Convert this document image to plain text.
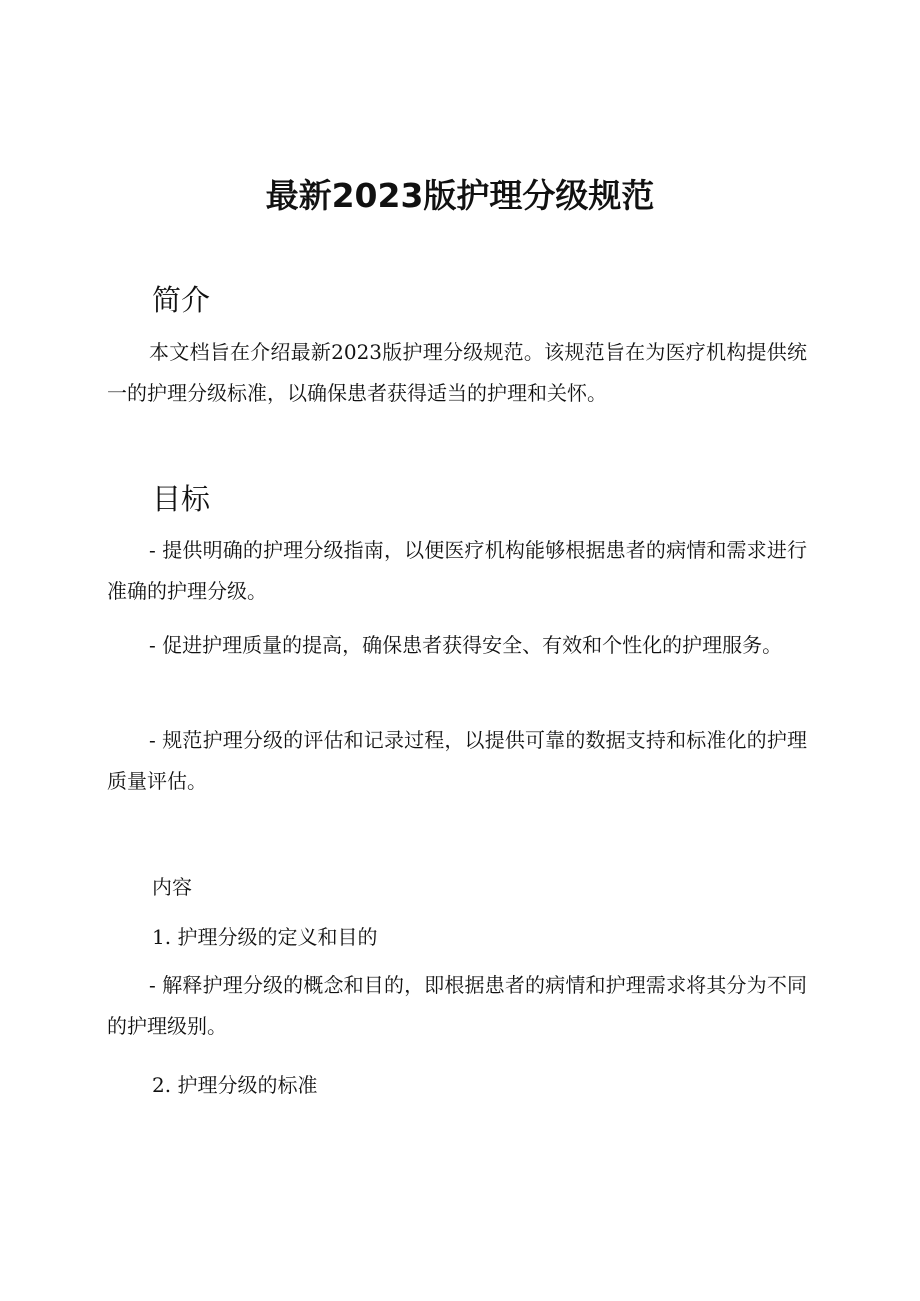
最新2023版护理分级规范
简介

本文档旨在介绍最新2023版护理分级规范。该规范旨在为医疗机构提供统一的护理分级标准，以确保患者获得适当的护理和关怀。

目标

- 提供明确的护理分级指南，以便医疗机构能够根据患者的病情和需求进行准确的护理分级。

- 促进护理质量的提高，确保患者获得安全、有效和个性化的护理服务。

- 规范护理分级的评估和记录过程，以提供可靠的数据支持和标准化的护理质量评估。

内容

1. 护理分级的定义和目的

- 解释护理分级的概念和目的，即根据患者的病情和护理需求将其分为不同的护理级别。

2. 护理分级的标准
